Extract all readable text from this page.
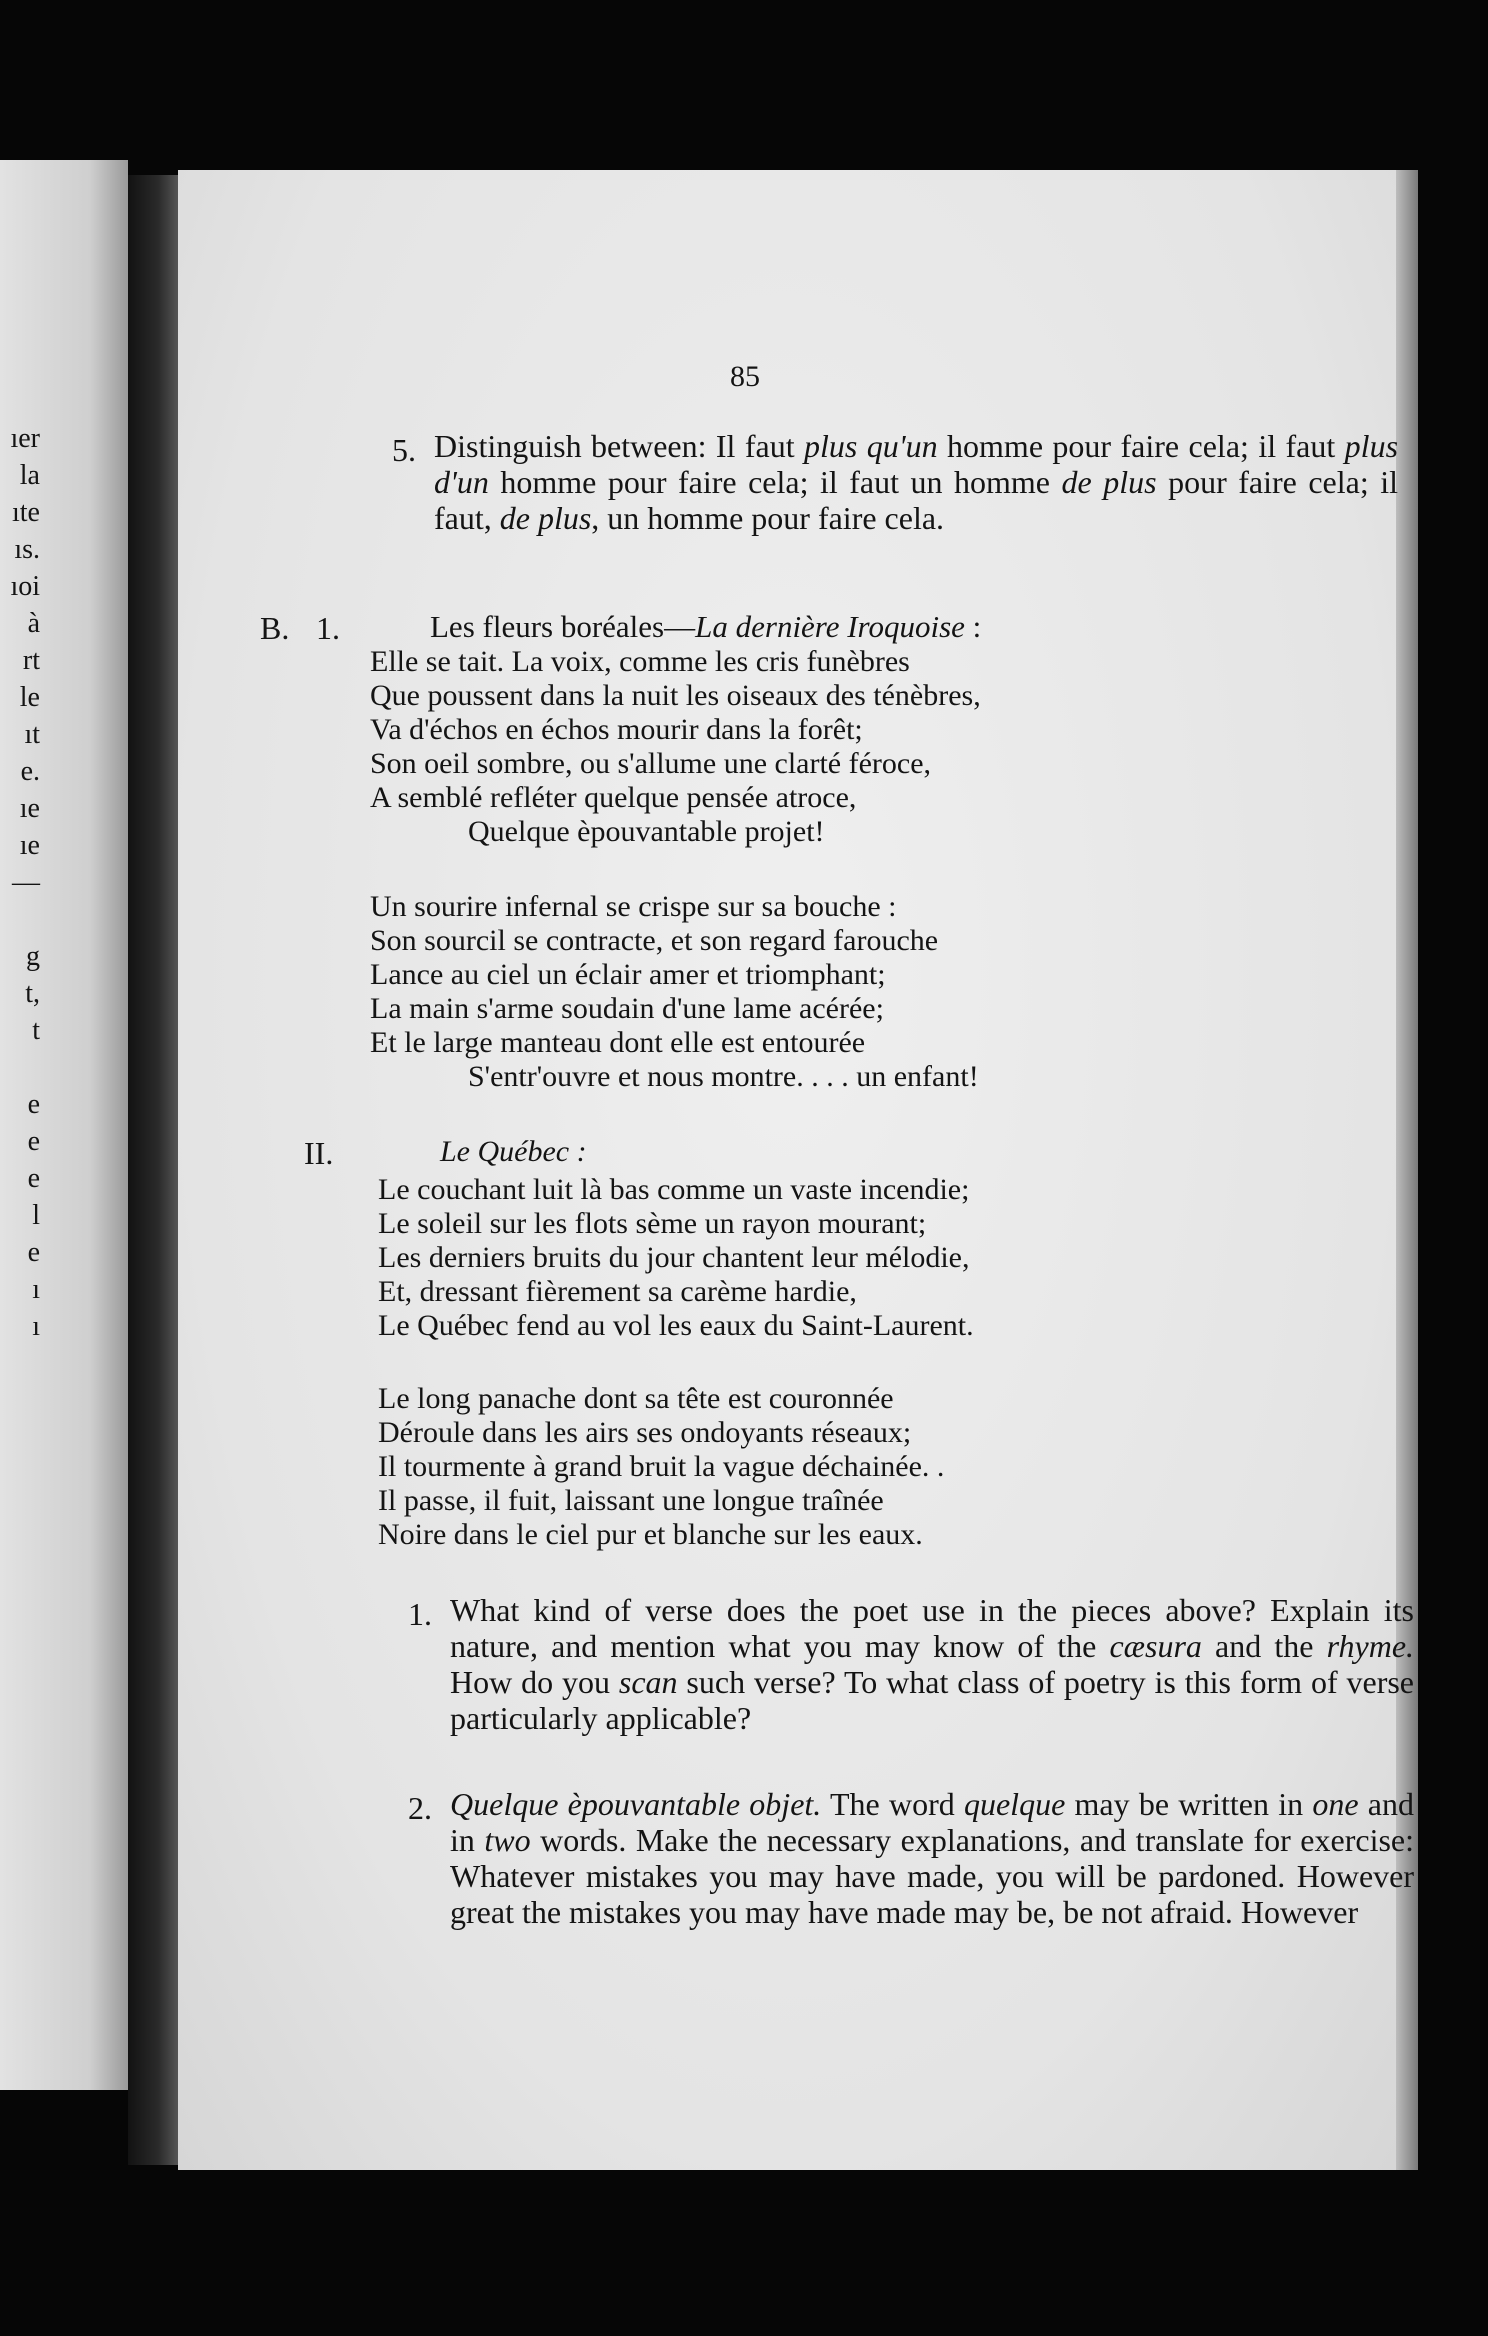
ıer
la
ıte
ıs.
ıoi
à
rt
le
ıt
e.
ıe
ıe
—
g
t,
t
e
e
e
l
e
ı
ı
85
5. Distinguish between: Il faut plus qu'un homme pour faire cela; il faut plus d'un homme pour faire cela; il faut un homme de plus pour faire cela; il faut, de plus, un homme pour faire cela.
B. 1.	Les fleurs boréales—La dernière Iroquoise :
Elle se tait. La voix, comme les cris funèbres
Que poussent dans la nuit les oiseaux des ténèbres,
Va d'échos en échos mourir dans la forêt;
Son oeil sombre, ou s'allume une clarté féroce,
A semblé refléter quelque pensée atroce,
Quelque èpouvantable projet!
Un sourire infernal se crispe sur sa bouche :
Son sourcil se contracte, et son regard farouche
Lance au ciel un éclair amer et triomphant;
La main s'arme soudain d'une lame acérée;
Et le large manteau dont elle est entourée
S'entr'ouvre et nous montre. . . . un enfant!
II.	Le Québec :
Le couchant luit là bas comme un vaste incendie;
Le soleil sur les flots sème un rayon mourant;
Les derniers bruits du jour chantent leur mélodie,
Et, dressant fièrement sa carème hardie,
Le Québec fend au vol les eaux du Saint-Laurent.
Le long panache dont sa tête est couronnée
Déroule dans les airs ses ondoyants réseaux;
Il tourmente à grand bruit la vague déchainée. .
Il passe, il fuit, laissant une longue traînée
Noire dans le ciel pur et blanche sur les eaux.
1. What kind of verse does the poet use in the pieces above? Explain its nature, and mention what you may know of the cæsura and the rhyme. How do you scan such verse? To what class of poetry is this form of verse particularly applicable?
2. Quelque èpouvantable objet. The word quelque may be written in one and in two words. Make the necessary explanations, and translate for exercise: Whatever mistakes you may have made, you will be pardoned. However great the mistakes you may have made may be, be not afraid. However
